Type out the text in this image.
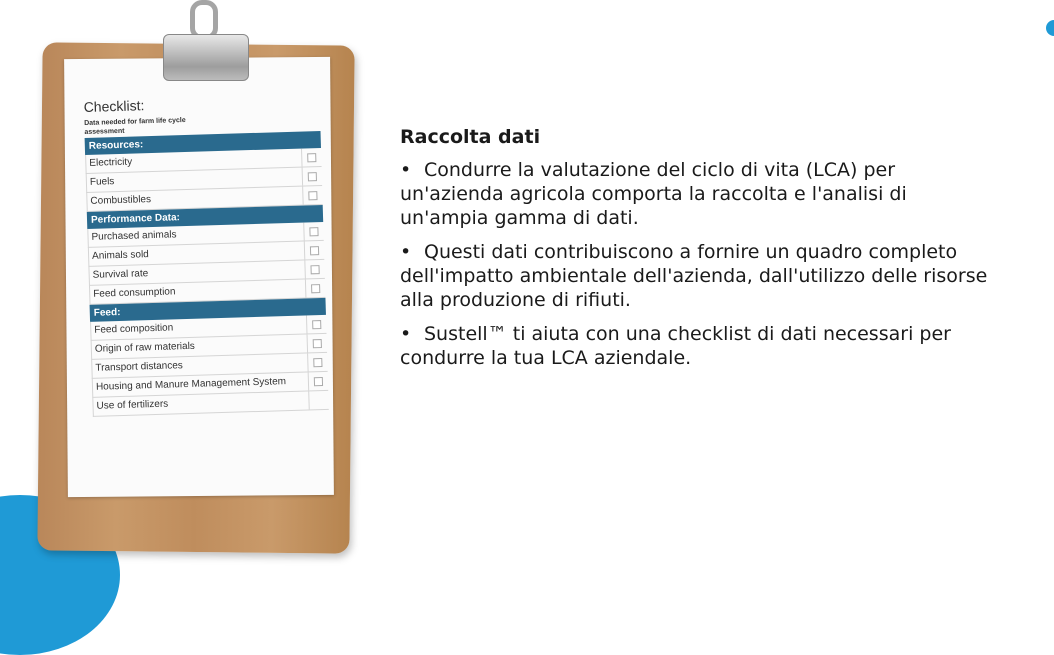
Checklist:
Data needed for farm life cycle assessment
Resources:
Electricity
Fuels
Combustibles
Performance Data:
Purchased animals
Animals sold
Survival rate
Feed consumption
Feed:
Feed composition
Origin of raw materials
Transport distances
Housing and Manure Management System
Use of fertilizers
Raccolta dati

• Condurre la valutazione del ciclo di vita (LCA) per un'azienda agricola comporta la raccolta e l'analisi di un'ampia gamma di dati.

• Questi dati contribuiscono a fornire un quadro completo dell'impatto ambientale dell'azienda, dall'utilizzo delle risorse alla produzione di rifiuti.

• Sustell™ ti aiuta con una checklist di dati necessari per condurre la tua LCA aziendale.
